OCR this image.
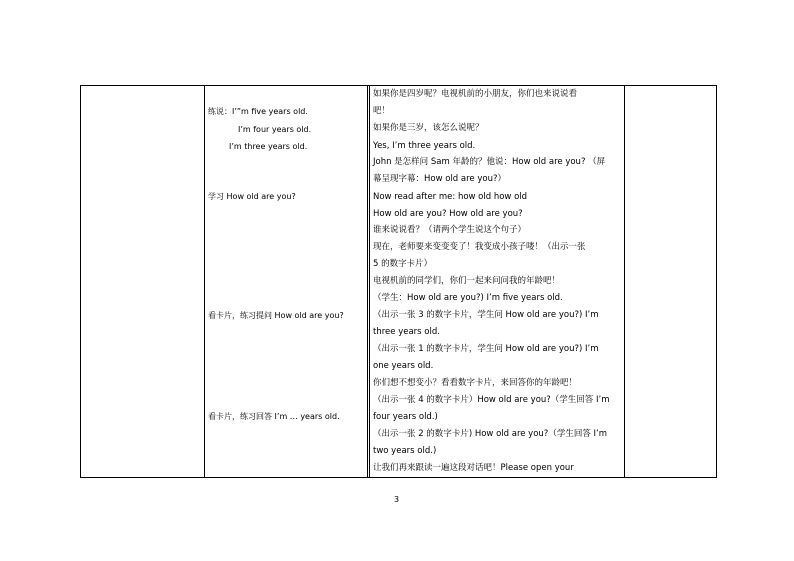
练说：I’”m five years old.
I’m four years old.
I’m three years old.
学习 How old are you?
看卡片，练习提问 How old are you?
看卡片，练习回答 I’m … years old.
如果你是四岁呢？电视机前的小朋友，你们也来说说看
吧！
如果你是三岁，该怎么说呢？
Yes, I’m three years old.
John 是怎样问 Sam 年龄的？他说：How old are you? （屏
幕呈现字幕：How old are you?）
Now read after me: how old how old
How old are you? How old are you?
谁来说说看？（请两个学生说这个句子）
现在，老师要来变变变了！我变成小孩子喽！（出示一张
5 的数字卡片）
电视机前的同学们，你们一起来问问我的年龄吧！
（学生：How old are you?) I’m five years old.
（出示一张 3 的数字卡片，学生问 How old are you?) I’m
three years old.
（出示一张 1 的数字卡片，学生问 How old are you?) I’m
one years old.
你们想不想变小？看看数字卡片，来回答你的年龄吧！
（出示一张 4 的数字卡片）How old are you?（学生回答 I’m
four years old.)
（出示一张 2 的数字卡片) How old are you?（学生回答 I’m
two years old.)
让我们再来跟读一遍这段对话吧！Please open your
3
